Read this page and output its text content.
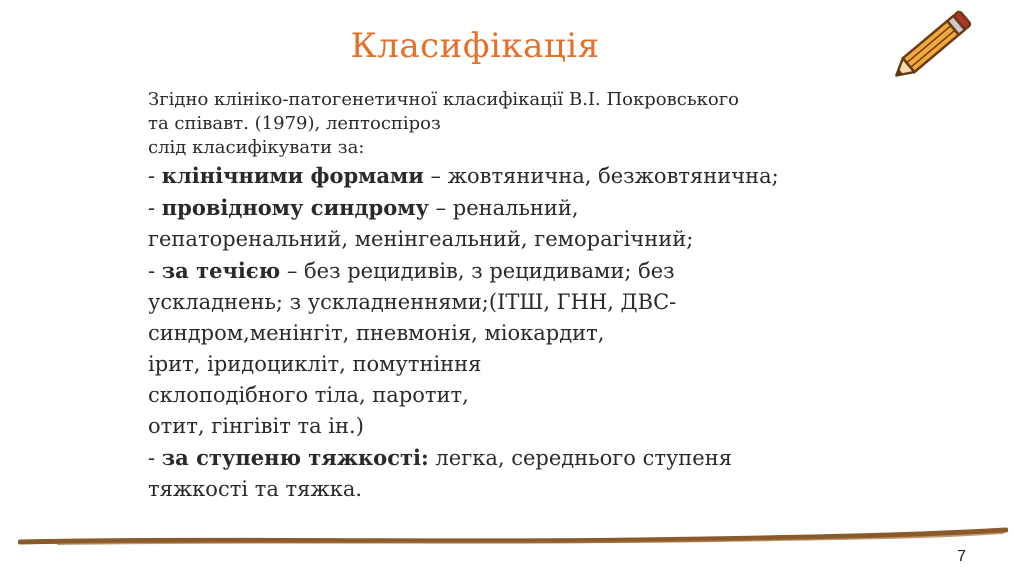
Класифікація
Згідно клініко-патогенетичної класифікації В.І. Покровського
та співавт. (1979), лептоспіроз
слід класифікувати за:

- клінічними формами – жовтянична, безжовтянична;

- провідному синдрому – ренальний,
гепаторенальний, менінгеальний, геморагічний;

- за течією – без рецидивів, з рецидивами; без
ускладнень; з ускладненнями;(ІТШ, ГНН, ДВС-
синдром,менінгіт, пневмонія, міокардит,
ірит, іридоцикліт, помутніння
склоподібного тіла, паротит,
отит, гінгівіт та ін.)

- за ступеню тяжкості: легка, середнього ступеня
тяжкості та тяжка.

7
